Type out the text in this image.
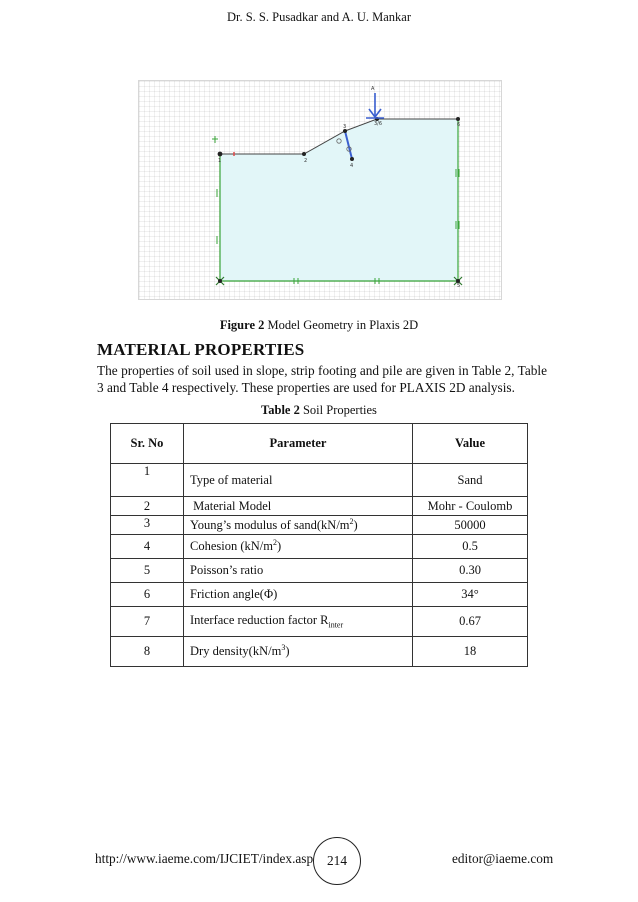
Dr. S. S. Pusadkar and A. U. Mankar
1	2
3
4
5
6
A
3/6
Figure 2 Model Geometry in Plaxis 2D
MATERIAL PROPERTIES
The properties of soil used in slope, strip footing and pile are given in Table 2, Table 3 and Table 4 respectively. These properties are used for PLAXIS 2D analysis.
Table 2 Soil Properties
Sr. No	Parameter	Value
1	Type of material	Sand
2	Material Model	Mohr - Coulomb
3	Young’s modulus of $sand(kN/m^2)$	50000
4	Cohesion $(kN/m^2)$	0.5
5	Poisson’s ratio	0.30
6	Friction angle(Φ)	34°
7	Interface reduction factor $R_{inter}$	0.67
8	Dry $density(kN/m^3)$	18
http://www.iaeme.com/IJCIET/index.asp	214	editor@iaeme.com
